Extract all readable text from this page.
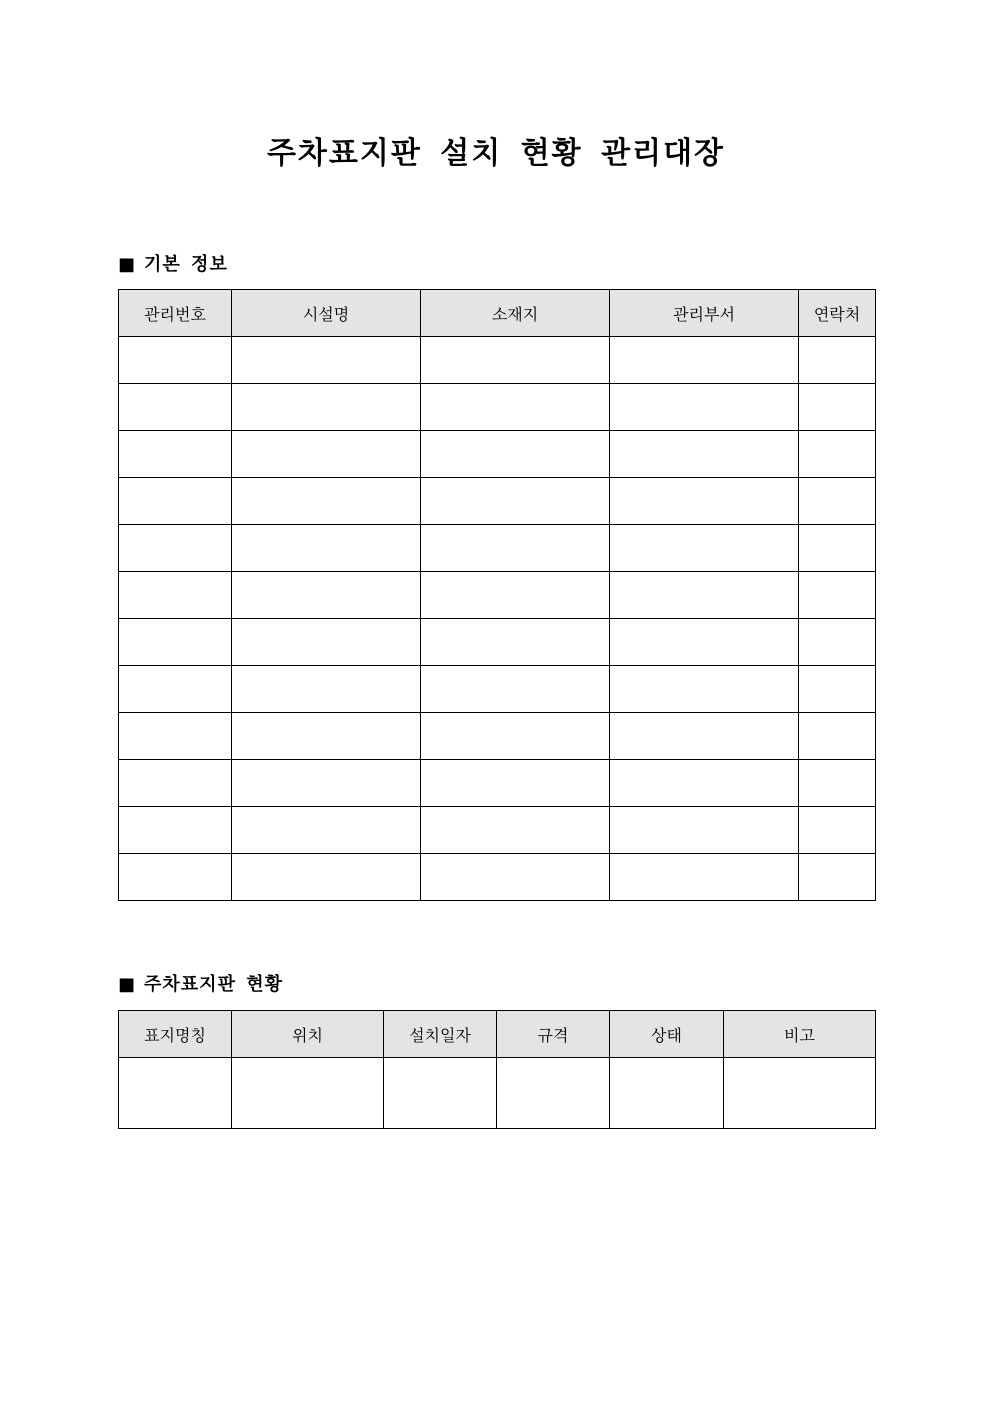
주차표지판 설치 현황 관리대장
■ 기본 정보
관리번호	시설명	소재지	관리부서	연락처

■ 주차표지판 현황
표지명칭	위치	설치일자	규격	상태	비고
